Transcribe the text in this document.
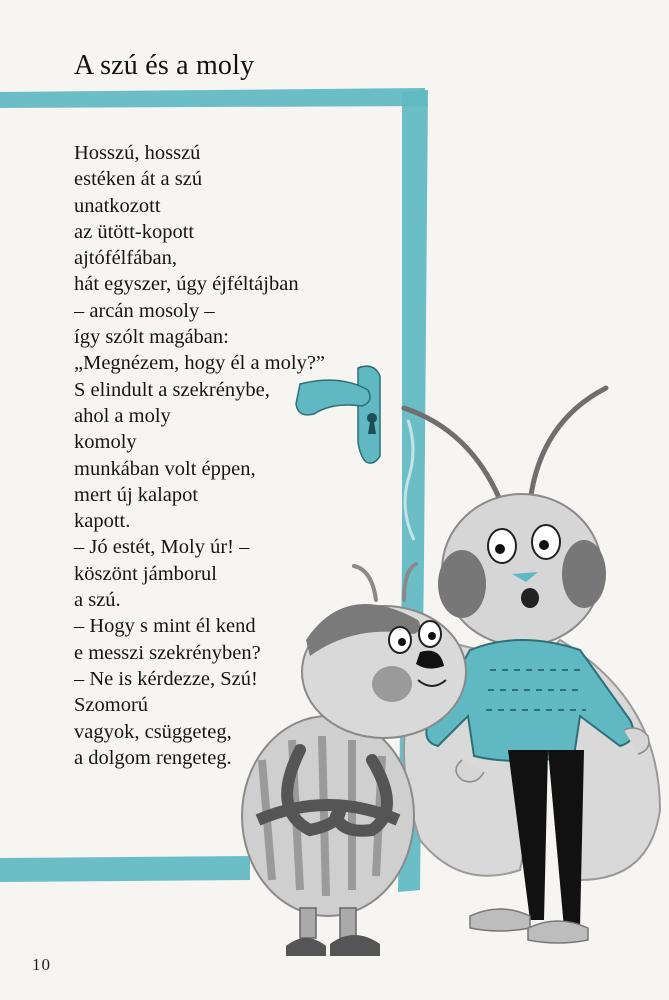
A szú és a moly
Hosszú, hosszú
estéken át a szú
unatkozott
az ütött-kopott
ajtófélfában,
hát egyszer, úgy éjféltájban
– arcán mosoly –
így szólt magában:
„Megnézem, hogy él a moly?”
S elindult a szekrénybe,
ahol a moly
komoly
munkában volt éppen,
mert új kalapot
kapott.
– Jó estét, Moly úr! –
köszönt jámborul
a szú.
– Hogy s mint él kend
e messzi szekrényben?
– Ne is kérdezze, Szú!
Szomorú
vagyok, csüggeteg,
a dolgom rengeteg.
10
